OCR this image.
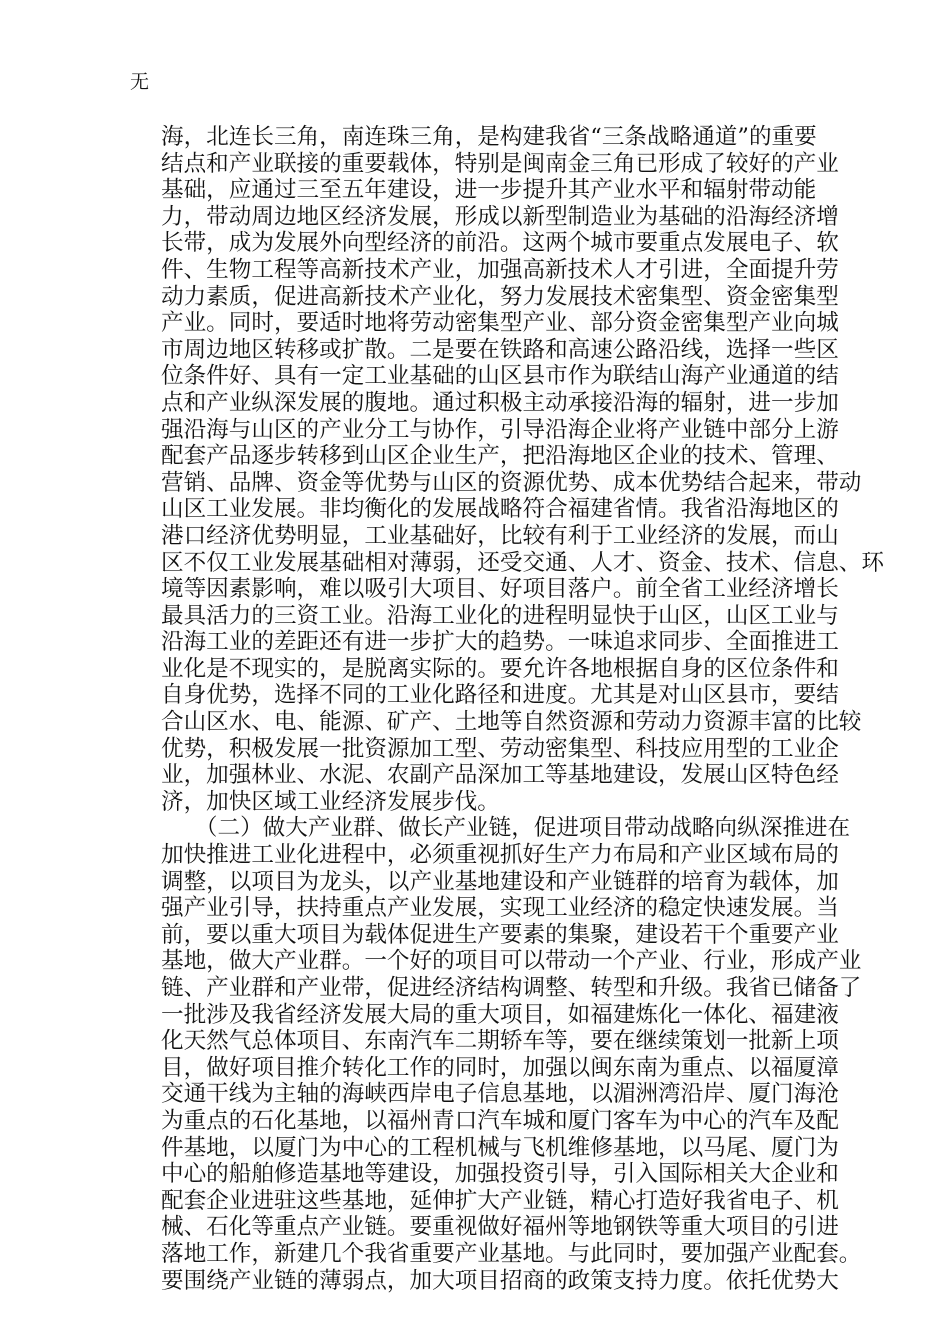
无
海，北连长三角，南连珠三角，是构建我省“三条战略通道”的重要
结点和产业联接的重要载体，特别是闽南金三角已形成了较好的产业
基础，应通过三至五年建设，进一步提升其产业水平和辐射带动能
力，带动周边地区经济发展，形成以新型制造业为基础的沿海经济增
长带，成为发展外向型经济的前沿。这两个城市要重点发展电子、软
件、生物工程等高新技术产业，加强高新技术人才引进，全面提升劳
动力素质，促进高新技术产业化，努力发展技术密集型、资金密集型
产业。同时，要适时地将劳动密集型产业、部分资金密集型产业向城
市周边地区转移或扩散。二是要在铁路和高速公路沿线，选择一些区
位条件好、具有一定工业基础的山区县市作为联结山海产业通道的结
点和产业纵深发展的腹地。通过积极主动承接沿海的辐射，进一步加
强沿海与山区的产业分工与协作，引导沿海企业将产业链中部分上游
配套产品逐步转移到山区企业生产，把沿海地区企业的技术、管理、
营销、品牌、资金等优势与山区的资源优势、成本优势结合起来，带动
山区工业发展。非均衡化的发展战略符合福建省情。我省沿海地区的
港口经济优势明显，工业基础好，比较有利于工业经济的发展，而山
区不仅工业发展基础相对薄弱，还受交通、人才、资金、技术、信息、环
境等因素影响，难以吸引大项目、好项目落户。前全省工业经济增长
最具活力的三资工业。沿海工业化的进程明显快于山区，山区工业与
沿海工业的差距还有进一步扩大的趋势。一味追求同步、全面推进工
业化是不现实的，是脱离实际的。要允许各地根据自身的区位条件和
自身优势，选择不同的工业化路径和进度。尤其是对山区县市，要结
合山区水、电、能源、矿产、土地等自然资源和劳动力资源丰富的比较
优势，积极发展一批资源加工型、劳动密集型、科技应用型的工业企
业，加强林业、水泥、农副产品深加工等基地建设，发展山区特色经
济，加快区域工业经济发展步伐。
　　（二）做大产业群、做长产业链，促进项目带动战略向纵深推进在
加快推进工业化进程中，必须重视抓好生产力布局和产业区域布局的
调整，以项目为龙头，以产业基地建设和产业链群的培育为载体，加
强产业引导，扶持重点产业发展，实现工业经济的稳定快速发展。当
前，要以重大项目为载体促进生产要素的集聚，建设若干个重要产业
基地，做大产业群。一个好的项目可以带动一个产业、行业，形成产业
链、产业群和产业带，促进经济结构调整、转型和升级。我省已储备了
一批涉及我省经济发展大局的重大项目，如福建炼化一体化、福建液
化天然气总体项目、东南汽车二期轿车等，要在继续策划一批新上项
目，做好项目推介转化工作的同时，加强以闽东南为重点、以福厦漳
交通干线为主轴的海峡西岸电子信息基地，以湄洲湾沿岸、厦门海沧
为重点的石化基地，以福州青口汽车城和厦门客车为中心的汽车及配
件基地，以厦门为中心的工程机械与飞机维修基地，以马尾、厦门为
中心的船舶修造基地等建设，加强投资引导，引入国际相关大企业和
配套企业进驻这些基地，延伸扩大产业链，精心打造好我省电子、机
械、石化等重点产业链。要重视做好福州等地钢铁等重大项目的引进
落地工作，新建几个我省重要产业基地。与此同时，要加强产业配套。
要围绕产业链的薄弱点，加大项目招商的政策支持力度。依托优势大
